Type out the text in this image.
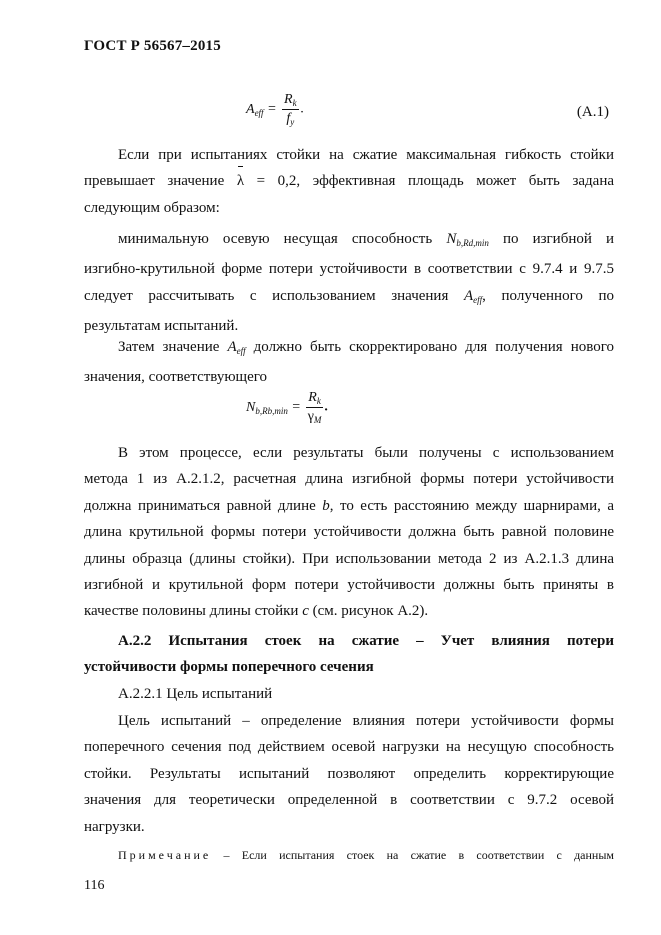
ГОСТ Р 56567–2015
$A_{eff} = \frac{R_k}{f_y}$ .	(А.1)
Если при испытаниях стойки на сжатие максимальная гибкость стойки
превышает значение λ = 0,2, эффективная площадь может быть задана
следующим образом:
минимальную осевую несущая способность $N_{b,Rd,min}$ по изгибной и
изгибно-крутильной форме потери устойчивости в соответствии с 9.7.4 и 9.7.5
следует рассчитывать с использованием значения $A_{eff}$, полученного по
результатам испытаний.
Затем значение $A_{eff}$ должно быть скорректировано для получения нового
значения, соответствующего
$N_{b,Rb,min} = \frac{R_k}{\gamma_M}$ .
В этом процессе, если результаты были получены с использованием
метода 1 из А.2.1.2, расчетная длина изгибной формы потери устойчивости
должна приниматься равной длине b, то есть расстоянию между шарнирами, а
длина крутильной формы потери устойчивости должна быть равной половине
длины образца (длины стойки). При использовании метода 2 из А.2.1.3 длина
изгибной и крутильной форм потери устойчивости должны быть приняты в
качестве половины длины стойки c (см. рисунок А.2).
А.2.2 Испытания стоек на сжатие – Учет влияния потери
устойчивости формы поперечного сечения
А.2.2.1 Цель испытаний
Цель испытаний – определение влияния потери устойчивости формы
поперечного сечения под действием осевой нагрузки на несущую способность
стойки. Результаты испытаний позволяют определить корректирующие
значения для теоретически определенной в соответствии с 9.7.2 осевой
нагрузки.
Примечание – Если испытания стоек на сжатие в соответствии с данным
116
